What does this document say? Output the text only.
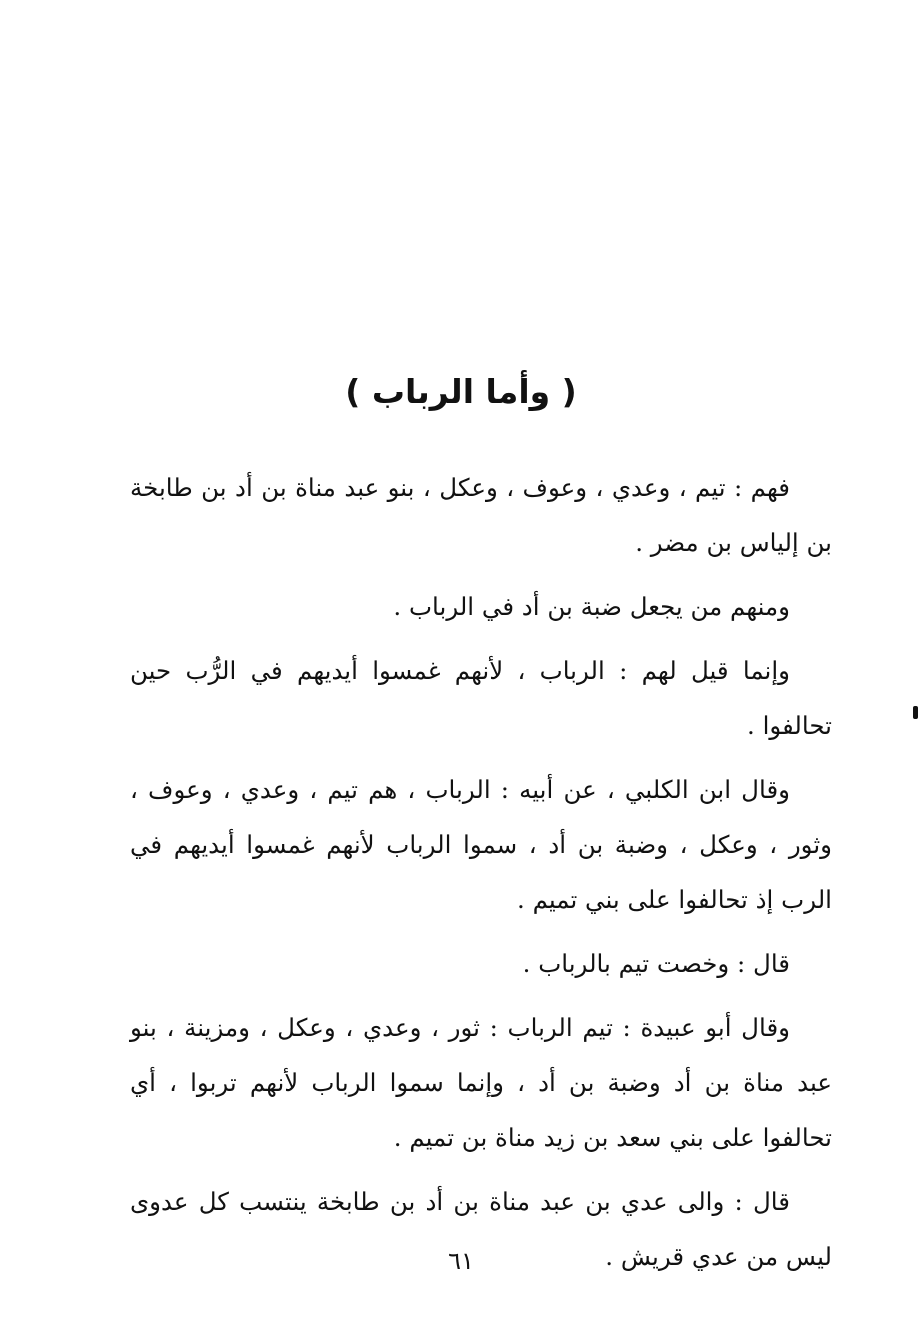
( وأما الرباب )

فهم : تيم ، وعدي ، وعوف ، وعكل ، بنو عبد مناة بن أد بن طابخة بن إلياس بن مضر .

ومنهم من يجعل ضبة بن أد في الرباب .

وإنما قيل لهم : الرباب ، لأنهم غمسوا أيديهم في الرُّب حين تحالفوا .

وقال ابن الكلبي ، عن أبيه : الرباب ، هم تيم ، وعدي ، وعوف ، وثور ، وعكل ، وضبة بن أد ، سموا الرباب لأنهم غمسوا أيديهم في الرب إذ تحالفوا على بني تميم .

قال : وخصت تيم بالرباب .

وقال أبو عبيدة : تيم الرباب : ثور ، وعدي ، وعكل ، ومزينة ، بنو عبد مناة بن أد وضبة بن أد ، وإنما سموا الرباب لأنهم تربوا ، أي تحالفوا على بني سعد بن زيد مناة بن تميم .

قال : والى عدي بن عبد مناة بن أد بن طابخة ينتسب كل عدوى ليس من عدي قريش .

٦١
